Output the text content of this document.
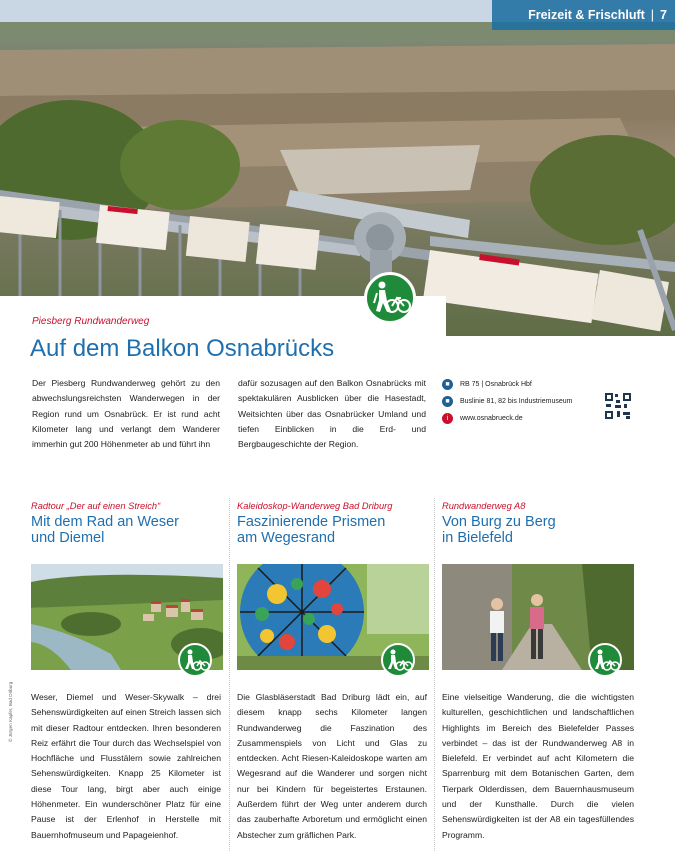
Freizeit & Frischluft | 7
Piesberg Rundwanderweg
Auf dem Balkon Osnabrücks
Der Piesberg Rundwanderweg gehört zu den abwechslungsreichsten Wanderwegen in der Region rund um Osnabrück. Er ist rund acht Kilometer lang und verlangt dem Wanderer immerhin gut 200 Höhenmeter ab und führt ihn
dafür sozusagen auf den Balkon Osnabrücks mit spektakulären Ausblicken über die Hasestadt, Weitsichten über das Osnabrücker Umland und tiefen Einblicken in die Erd- und Bergbaugeschichte der Region.
■	RB 75 | Osnabrück Hbf
■	Buslinie 81, 82 bis Industriemuseum
i	www.osnabrueck.de
Radtour „Der auf einen Streich“
Mit dem Rad an Weser
und Diemel
Weser, Diemel und Weser-Skywalk – drei Sehenswürdigkeiten auf einen Streich lassen sich mit dieser Radtour entdecken. Ihren besonderen Reiz erfährt die Tour durch das Wechselspiel von Hochfläche und Flusstälern sowie zahlreichen Sehenswürdigkeiten. Knapp 25 Kilometer ist diese Tour lang, birgt aber auch einige Höhenmeter. Ein wunderschöner Platz für eine Pause ist der Erlenhof in Herstelle mit Bauernhofmuseum und Papageienhof.
Kaleidoskop-Wanderweg Bad Driburg
Faszinierende Prismen
am Wegesrand
Die Glasbläserstadt Bad Driburg lädt ein, auf diesem knapp sechs Kilometer langen Rundwanderweg die Faszination des Zusammenspiels von Licht und Glas zu entdecken. Acht Riesen-Kaleidoskope warten am Wegesrand auf die Wanderer und sorgen nicht nur bei Kindern für begeistertes Erstaunen. Außerdem führt der Weg unter anderem durch das zauberhafte Arboretum und ermöglicht einen Abstecher zum gräflichen Park.
Rundwanderweg A8
Von Burg zu Berg
in Bielefeld
Eine vielseitige Wanderung, die die wichtigsten kulturellen, geschichtlichen und landschaftlichen Highlights im Bereich des Bielefelder Passes verbindet – das ist der Rundwanderweg A8 in Bielefeld. Er verbindet auf acht Kilometern die Sparrenburg mit dem Botanischen Garten, dem Tierpark Olderdissen, dem Bauernhausmuseum und der Kunsthalle. Durch die vielen Sehenswürdigkeiten ist der A8 ein tagesfüllendes Programm.
© Jürgen Kapfer, Bad Driburg
